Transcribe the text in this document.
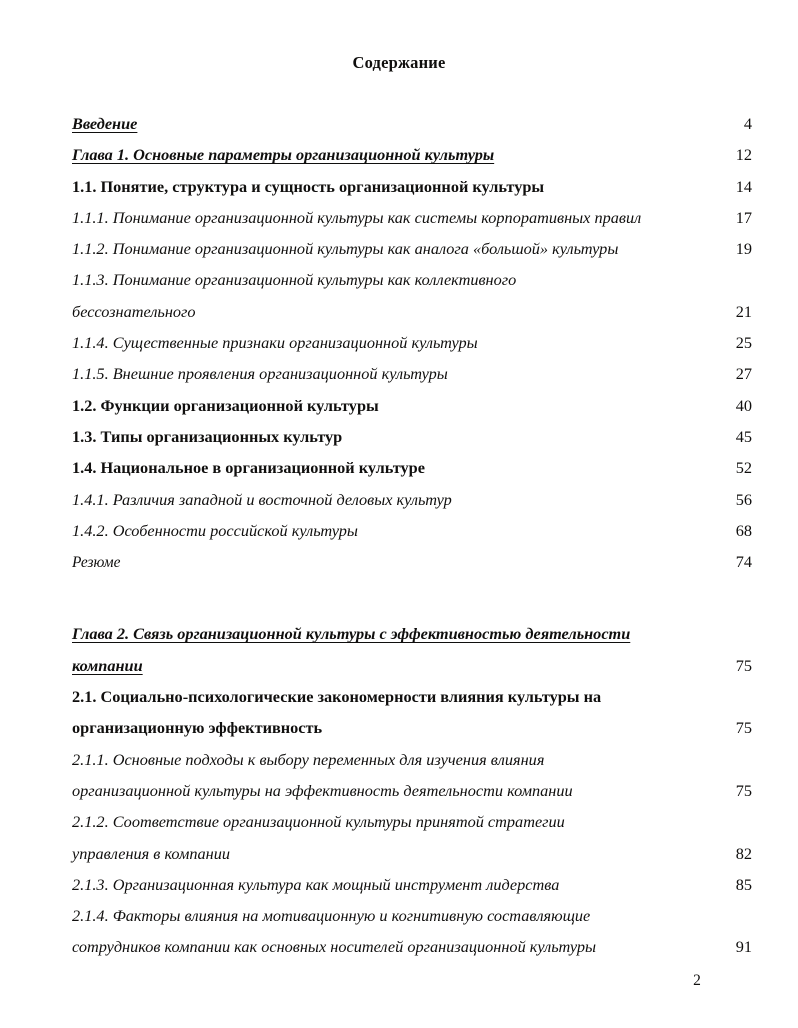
Содержание
Введение	4
Глава 1. Основные параметры организационной культуры	12
1.1. Понятие, структура и сущность организационной культуры	14
1.1.1. Понимание организационной культуры как системы корпоративных правил	17
1.1.2. Понимание организационной культуры как аналога «большой» культуры	19
1.1.3. Понимание организационной культуры как коллективного
бессознательного	21
1.1.4. Существенные признаки организационной культуры	25
1.1.5. Внешние проявления организационной культуры	27
1.2. Функции организационной культуры	40
1.3. Типы организационных культур	45
1.4. Национальное в организационной культуре	52
1.4.1. Различия западной и восточной деловых культур	56
1.4.2. Особенности российской культуры	68
Резюме	74
Глава 2. Связь организационной культуры с эффективностью деятельности
компании	75
2.1. Социально-психологические закономерности влияния культуры на
организационную эффективность	75
2.1.1. Основные подходы к выбору переменных для изучения влияния
организационной культуры на эффективность деятельности компании	75
2.1.2. Соответствие организационной культуры принятой стратегии
управления в компании	82
2.1.3. Организационная культура как мощный инструмент лидерства	85
2.1.4. Факторы влияния на мотивационную и когнитивную составляющие
сотрудников компании как основных носителей организационной культуры	91
2
